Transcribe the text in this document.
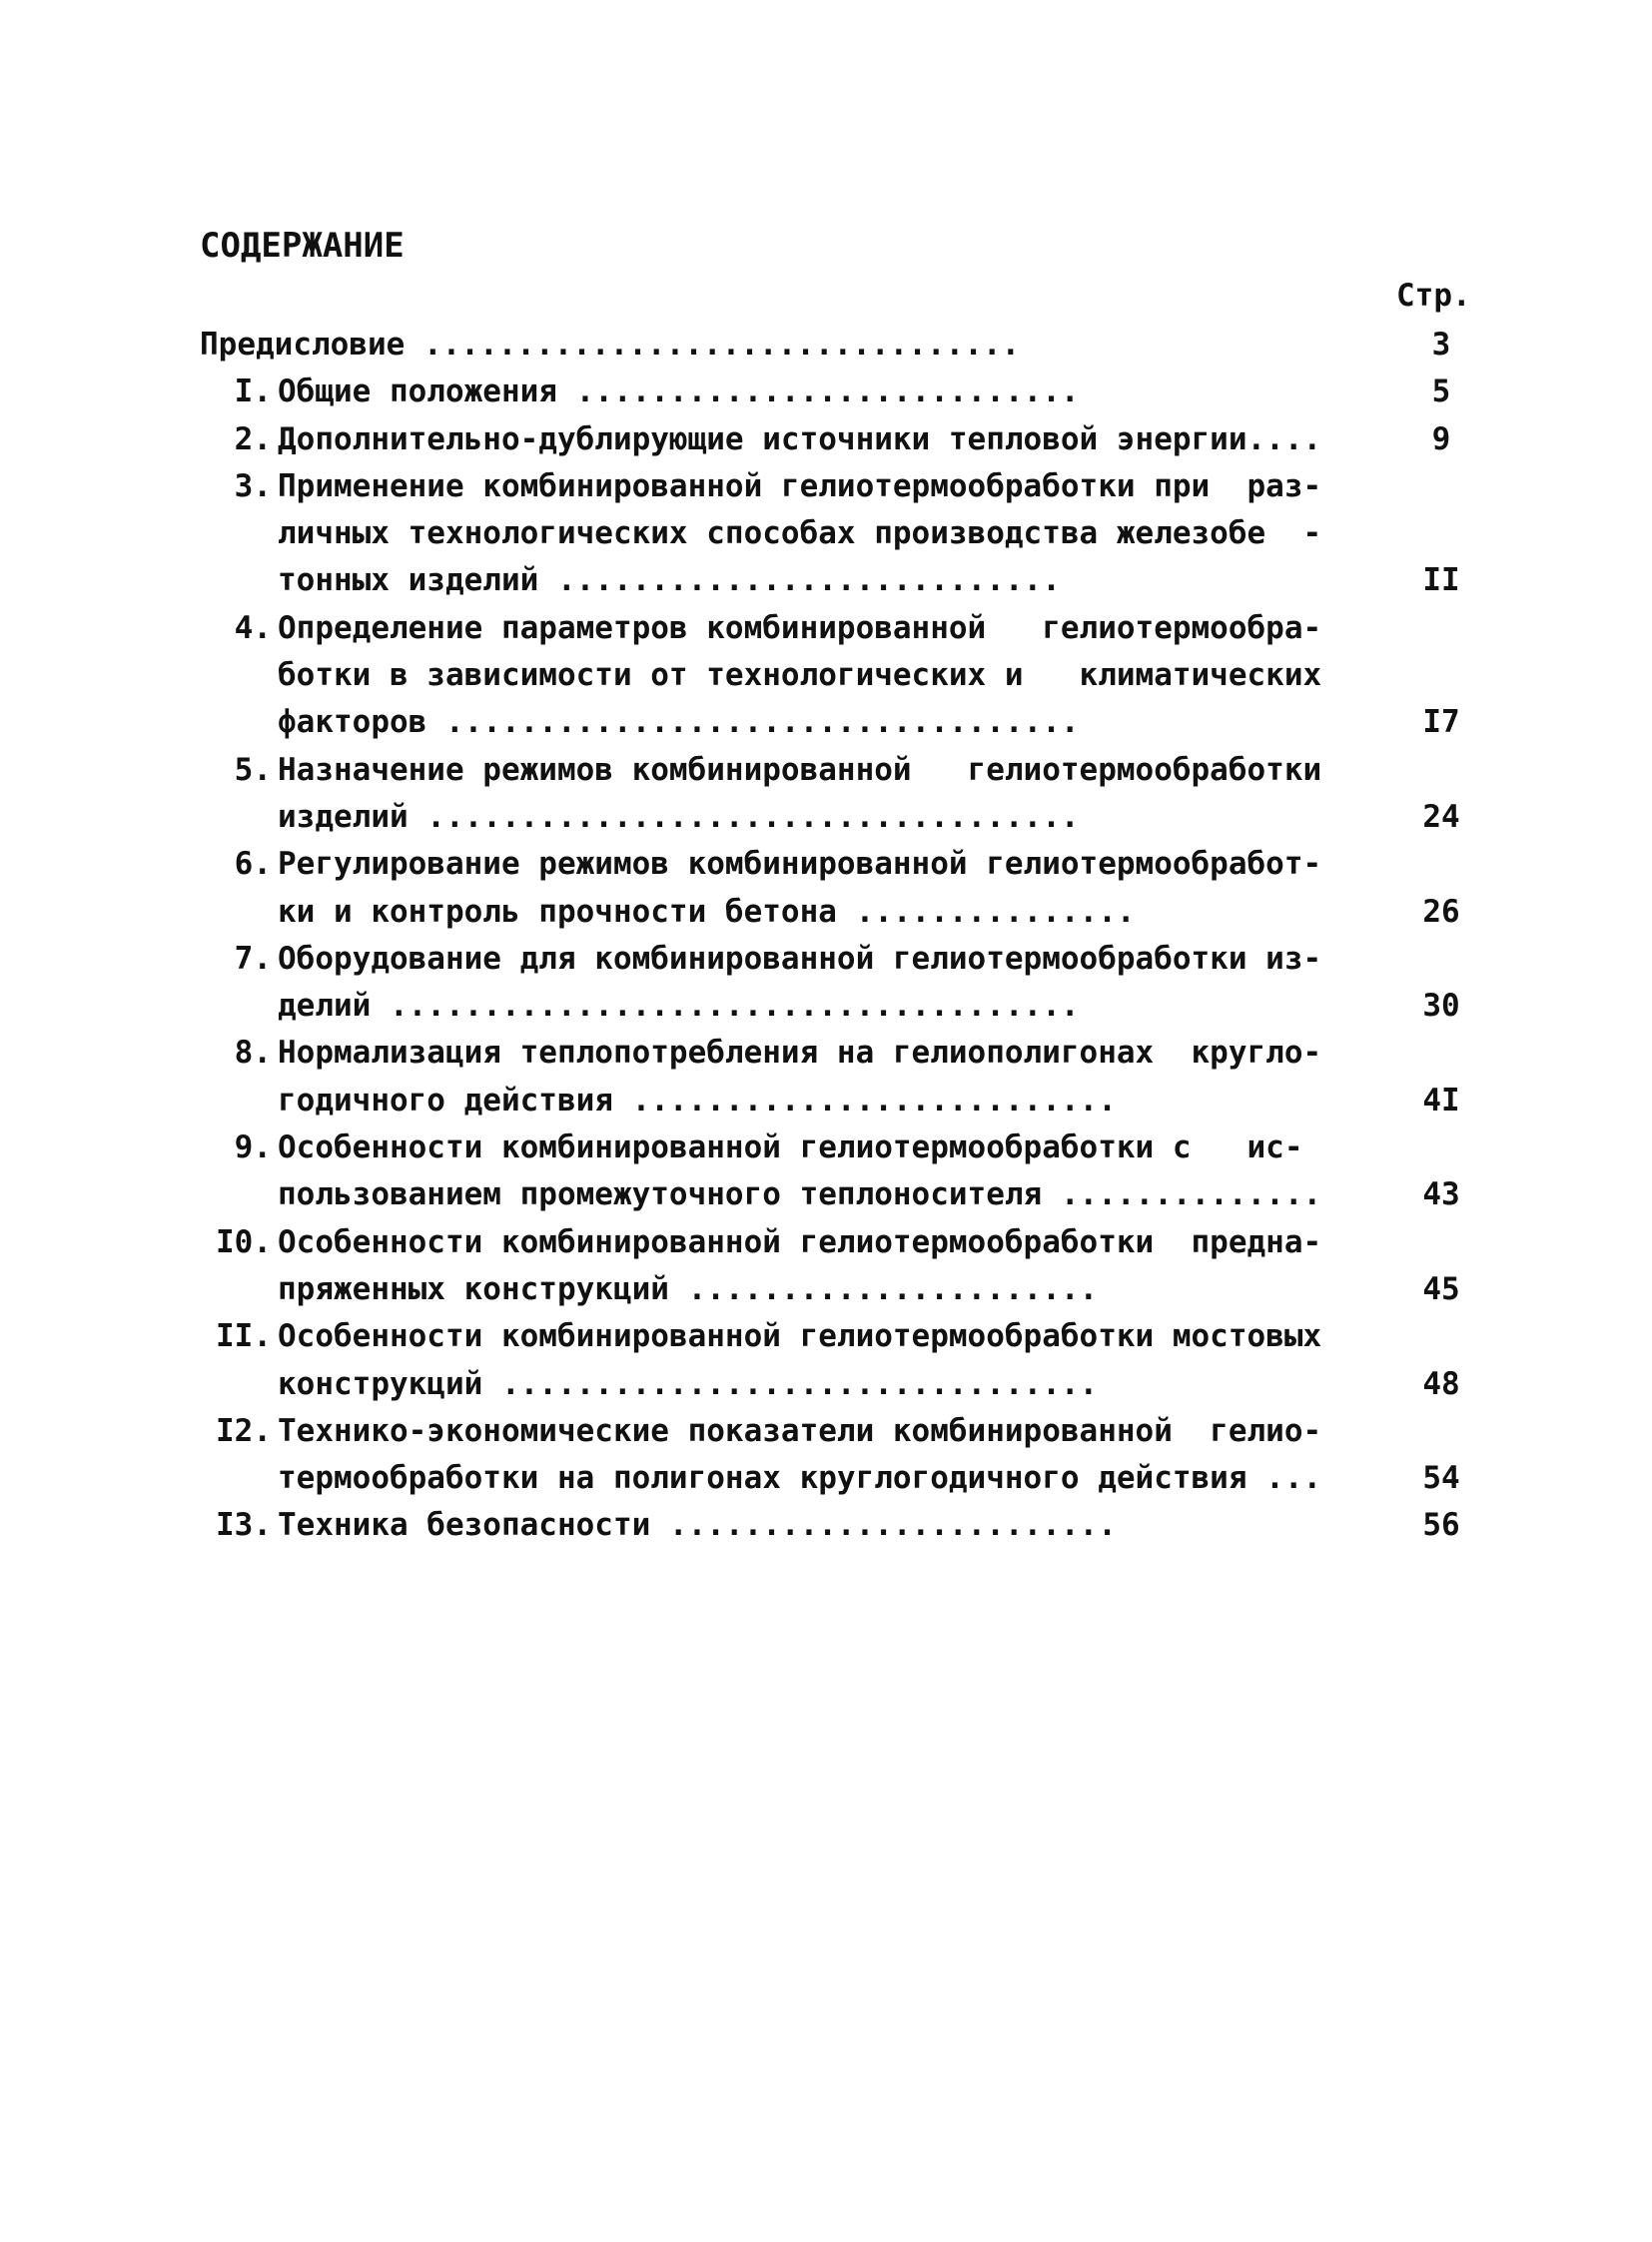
СОДЕРЖАНИЕ
Стр.
Предисловие ................................	3
I. Общие положения ...........................	5
2. Дополнительно-дублирующие источники тепловой энергии....	9
3. Применение комбинированной гелиотермообработки при  раз-
личных технологических способах производства железобе  -
тонных изделий ...........................	II
4. Определение параметров комбинированной   гелиотермообра-
ботки в зависимости от технологических и   климатических
факторов ..................................	I7
5. Назначение режимов комбинированной   гелиотермообработки
изделий ...................................	24
6. Регулирование режимов комбинированной гелиотермообработ-
ки и контроль прочности бетона ...............	26
7. Оборудование для комбинированной гелиотермообработки из-
делий .....................................	30
8. Нормализация теплопотребления на гелиополигонах  кругло-
годичного действия ..........................	4I
9. Особенности комбинированной гелиотермообработки с   ис-
пользованием промежуточного теплоносителя ..............	43
I0. Особенности комбинированной гелиотермообработки  предна-
пряженных конструкций ......................	45
II. Особенности комбинированной гелиотермообработки мостовых
конструкций ................................	48
I2. Технико-экономические показатели комбинированной  гелио-
термообработки на полигонах круглогодичного действия ...	54
I3. Техника безопасности ........................	56
